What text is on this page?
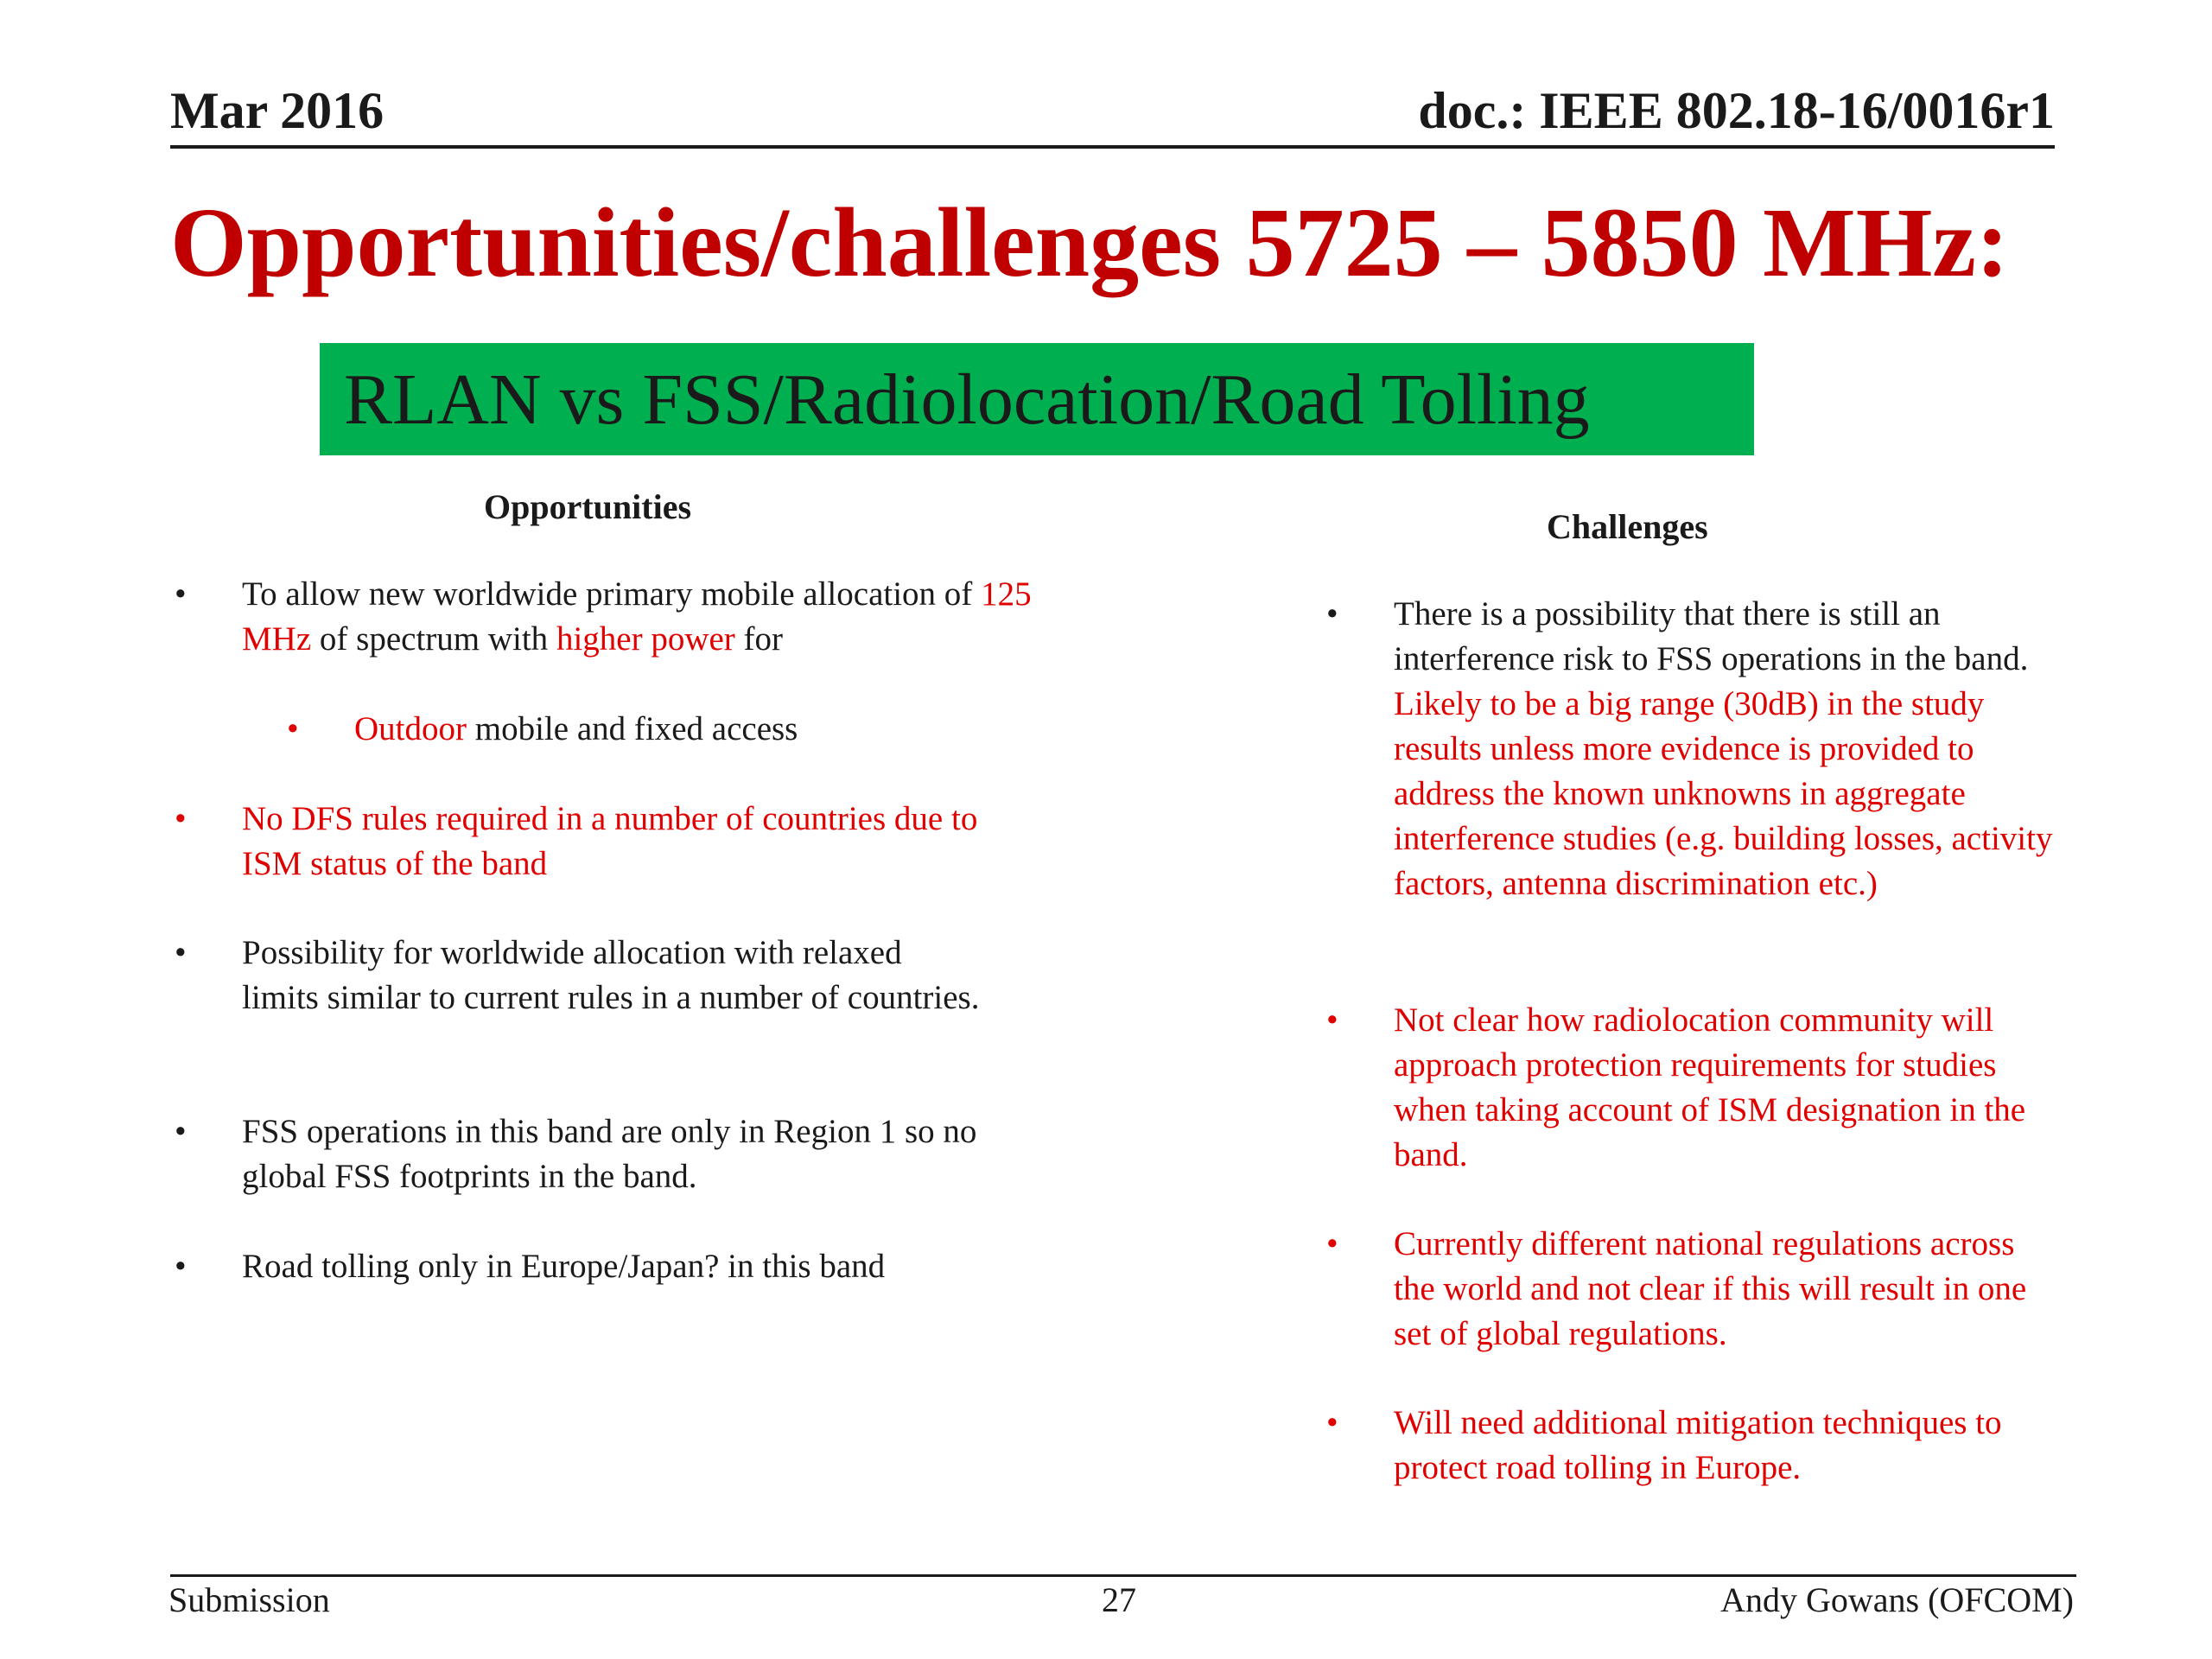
Mar 2016	doc.: IEEE 802.18-16/0016r1
Opportunities/challenges 5725 – 5850 MHz:
RLAN vs FSS/Radiolocation/Road Tolling
Opportunities
• To allow new worldwide primary mobile allocation of 125 MHz of spectrum with higher power for
• Outdoor mobile and fixed access
• No DFS rules required in a number of countries due to ISM status of the band
• Possibility for worldwide allocation with relaxed limits similar to current rules in a number of countries.
• FSS operations in this band are only in Region 1 so no global FSS footprints in the band.
• Road tolling only in Europe/Japan? in this band
Challenges
• There is a possibility that there is still an interference risk to FSS operations in the band. Likely to be a big range (30dB) in the study results unless more evidence is provided to address the known unknowns in aggregate interference studies (e.g. building losses, activity factors, antenna discrimination etc.)
• Not clear how radiolocation community will approach protection requirements for studies when taking account of ISM designation in the band.
• Currently different national regulations across the world and not clear if this will result in one set of global regulations.
• Will need additional mitigation techniques to protect road tolling in Europe.
Submission	27	Andy Gowans (OFCOM)
